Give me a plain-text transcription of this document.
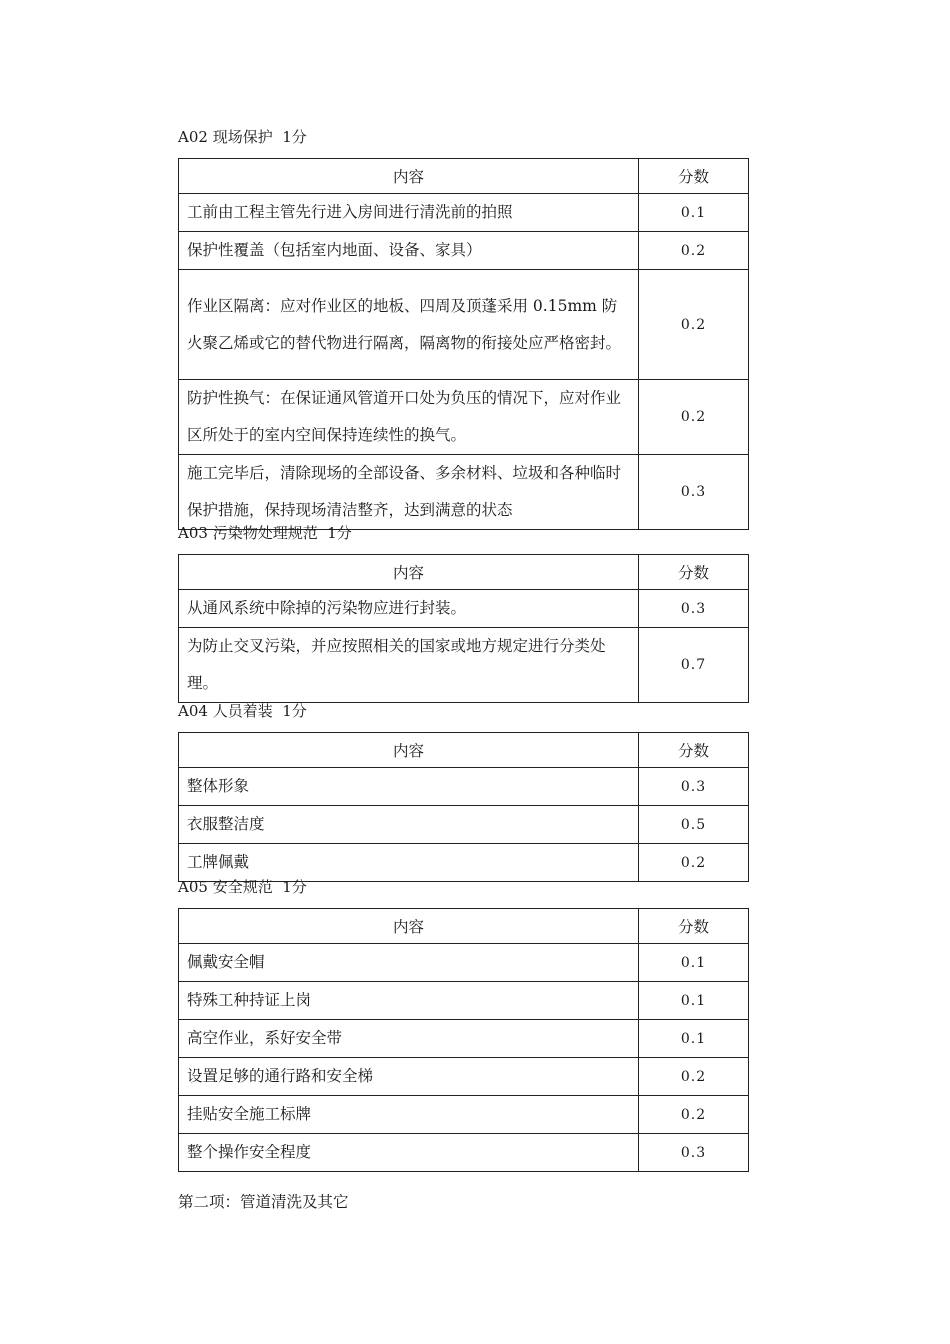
A02 现场保护  1分
内容	分数
工前由工程主管先行进入房间进行清洗前的拍照	0.1
保护性覆盖（包括室内地面、设备、家具）	0.2
作业区隔离：应对作业区的地板、四周及顶蓬采用 0.15mm 防火聚乙烯或它的替代物进行隔离，隔离物的衔接处应严格密封。	0.2
防护性换气：在保证通风管道开口处为负压的情况下，应对作业区所处于的室内空间保持连续性的换气。	0.2
施工完毕后，清除现场的全部设备、多余材料、垃圾和各种临时保护措施，保持现场清洁整齐，达到满意的状态	0.3
A03 污染物处理规范  1分
内容	分数
从通风系统中除掉的污染物应进行封装。	0.3
为防止交叉污染，并应按照相关的国家或地方规定进行分类处理。	0.7
A04 人员着装  1分
内容	分数
整体形象	0.3
衣服整洁度	0.5
工牌佩戴	0.2
A05 安全规范  1分
内容	分数
佩戴安全帽	0.1
特殊工种持证上岗	0.1
高空作业，系好安全带	0.1
设置足够的通行路和安全梯	0.2
挂贴安全施工标牌	0.2
整个操作安全程度	0.3
第二项：管道清洗及其它
